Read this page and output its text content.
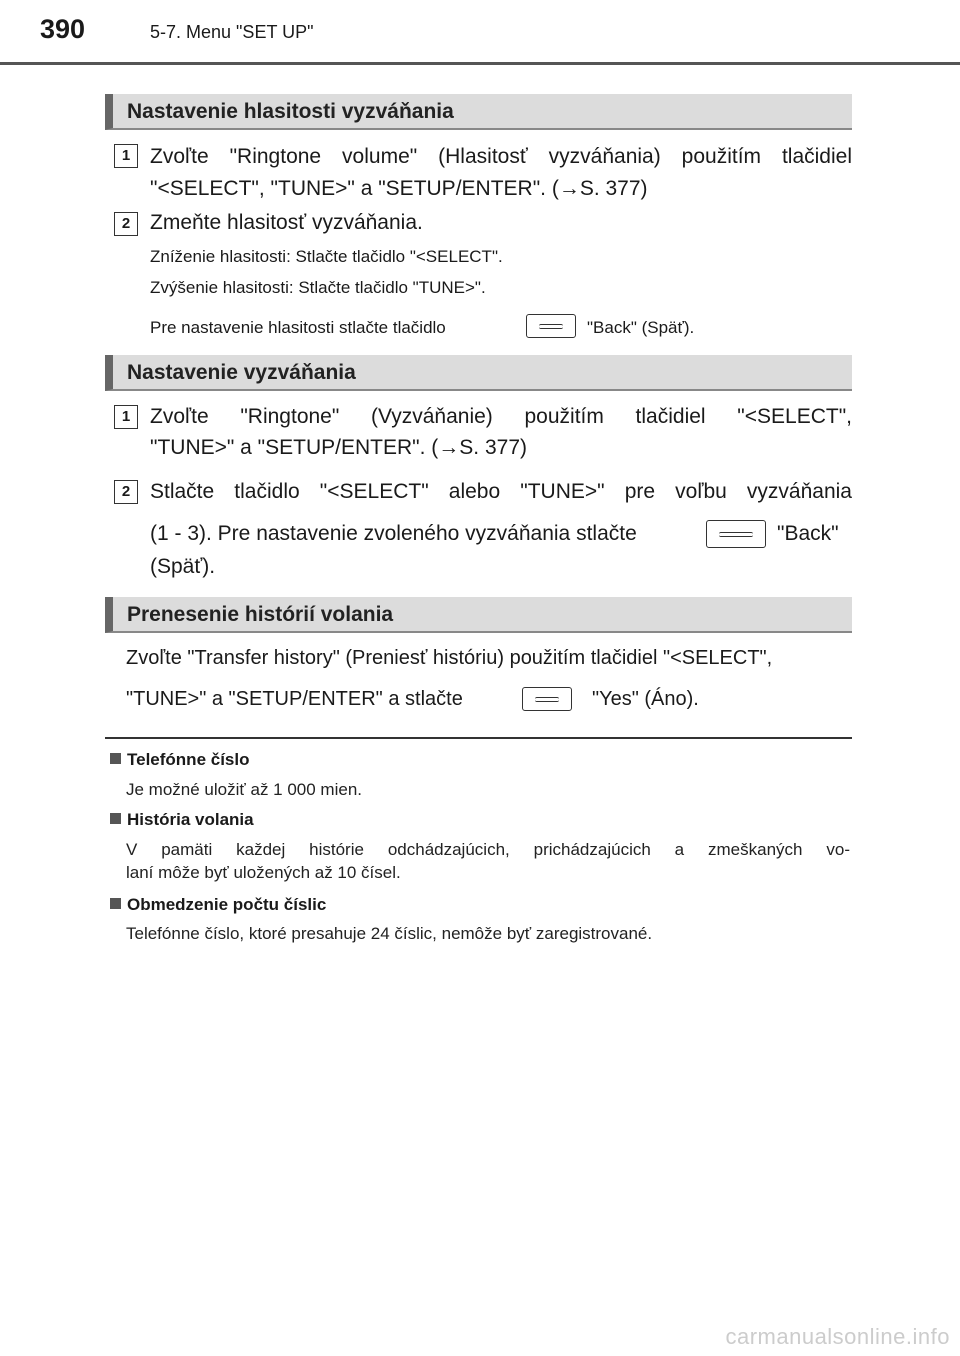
390	5-7. Menu "SET UP"
Nastavenie hlasitosti vyzváňania
1 Zvoľte "Ringtone volume" (Hlasitosť vyzváňania) použitím tlačidiel
"<SELECT", "TUNE>" a "SETUP/ENTER". (→S. 377)
2 Zmeňte hlasitosť vyzváňania.
Zníženie hlasitosti: Stlačte tlačidlo "<SELECT".
Zvýšenie hlasitosti: Stlačte tlačidlo "TUNE>".
Pre nastavenie hlasitosti stlačte tlačidlo	"Back" (Späť).
Nastavenie vyzváňania
1 Zvoľte "Ringtone" (Vyzváňanie) použitím tlačidiel "<SELECT",
"TUNE>" a "SETUP/ENTER". (→S. 377)
2 Stlačte tlačidlo "<SELECT" alebo "TUNE>" pre voľbu vyzváňania
(1 - 3). Pre nastavenie zvoleného vyzváňania stlačte	"Back"
(Späť).
Prenesenie histórií volania
Zvoľte "Transfer history" (Preniesť históriu) použitím tlačidiel "<SELECT",
"TUNE>" a "SETUP/ENTER" a stlačte	"Yes" (Áno).
Telefónne číslo
Je možné uložiť až 1 000 mien.
História volania
V pamäti každej histórie odchádzajúcich, prichádzajúcich a zmeškaných vo-
laní môže byť uložených až 10 čísel.
Obmedzenie počtu číslic
Telefónne číslo, ktoré presahuje 24 číslic, nemôže byť zaregistrované.
carmanualsonline.info
